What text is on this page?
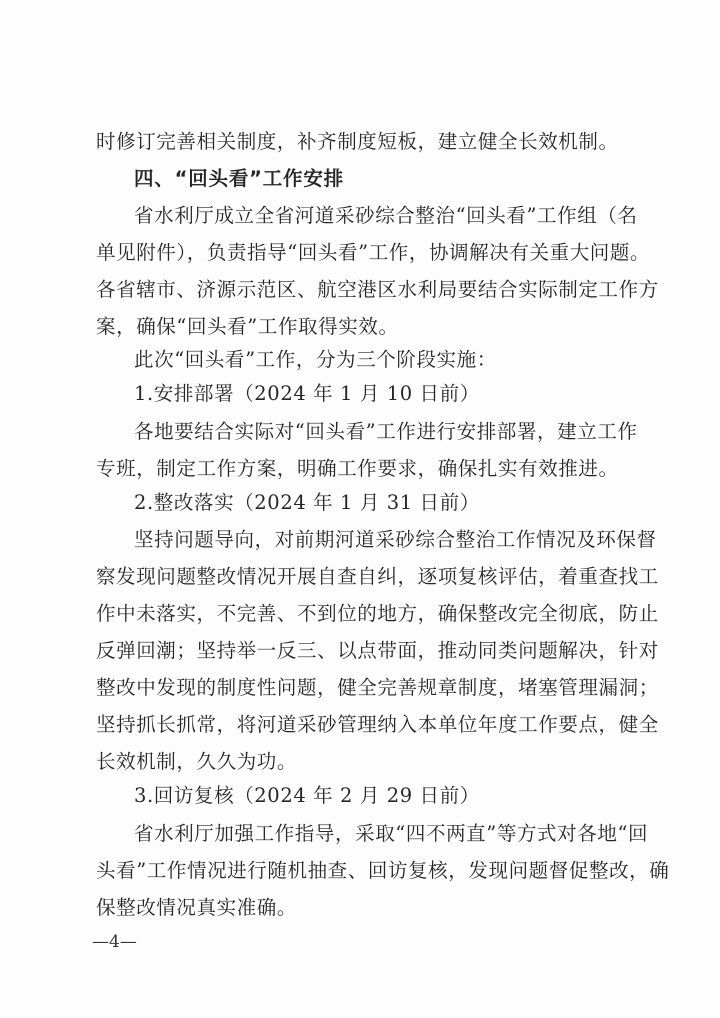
时修订完善相关制度，补齐制度短板，建立健全长效机制。
四、“回头看”工作安排
省水利厅成立全省河道采砂综合整治“回头看”工作组（名
单见附件），负责指导“回头看”工作，协调解决有关重大问题。
各省辖市、济源示范区、航空港区水利局要结合实际制定工作方
案，确保“回头看”工作取得实效。
此次“回头看”工作，分为三个阶段实施：
1.安排部署（2024 年 1 月 10 日前）
各地要结合实际对“回头看”工作进行安排部署，建立工作
专班，制定工作方案，明确工作要求，确保扎实有效推进。
2.整改落实（2024 年 1 月 31 日前）
坚持问题导向，对前期河道采砂综合整治工作情况及环保督
察发现问题整改情况开展自查自纠，逐项复核评估，着重查找工
作中未落实，不完善、不到位的地方，确保整改完全彻底，防止
反弹回潮；坚持举一反三、以点带面，推动同类问题解决，针对
整改中发现的制度性问题，健全完善规章制度，堵塞管理漏洞；
坚持抓长抓常，将河道采砂管理纳入本单位年度工作要点，健全
长效机制，久久为功。
3.回访复核（2024 年 2 月 29 日前）
省水利厅加强工作指导，采取“四不两直”等方式对各地“回
头看”工作情况进行随机抽查、回访复核，发现问题督促整改，确
保整改情况真实准确。
—4—
